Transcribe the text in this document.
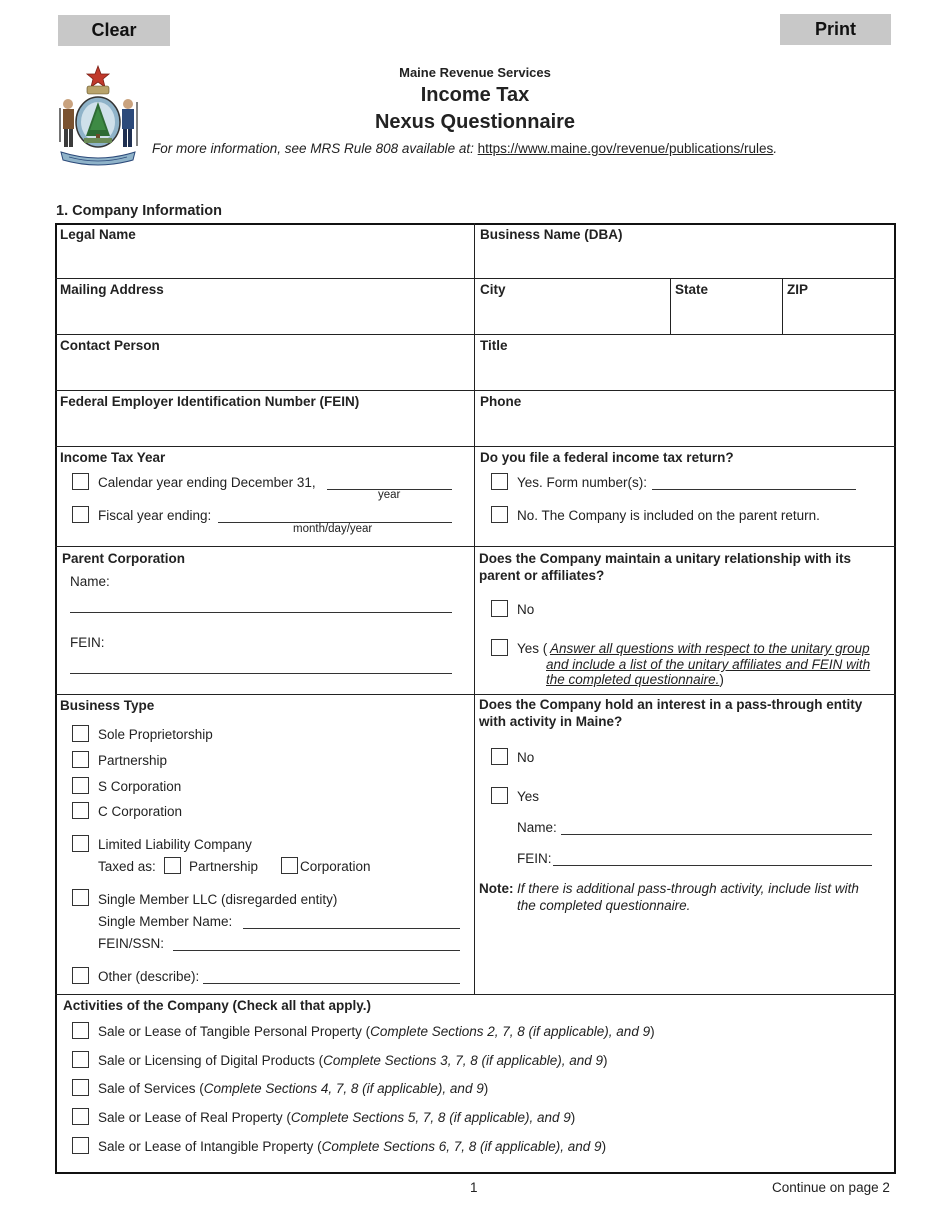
Clear	Print
Maine Revenue Services
Income Tax
Nexus Questionnaire
For more information, see MRS Rule 808 available at: https://www.maine.gov/revenue/publications/rules.
1. Company Information
Legal Name	Business Name (DBA)
Mailing Address	City	State	ZIP
Contact Person	Title
Federal Employer Identification Number (FEIN)	Phone
Income Tax Year
Calendar year ending December 31,
year
Fiscal year ending:
month/day/year
Do you file a federal income tax return?
Yes. Form number(s):
No. The Company is included on the parent return.
Parent Corporation
Name:
FEIN:
Does the Company maintain a unitary relationship with its
parent or affiliates?
No
Yes ( Answer all questions with respect to the unitary group
and include a list of the unitary affiliates and FEIN with
the completed questionnaire.)
Business Type
Sole Proprietorship
Partnership
S Corporation
C Corporation
Limited Liability Company
Taxed as: Partnership	Corporation
Single Member LLC (disregarded entity)
Single Member Name:
FEIN/SSN:
Other (describe):
Does the Company hold an interest in a pass-through entity
with activity in Maine?
No
Yes
Name:
FEIN:
Note: If there is additional pass-through activity, include list with
the completed questionnaire.
Activities of the Company (Check all that apply.)
Sale or Lease of Tangible Personal Property (Complete Sections 2, 7, 8 (if applicable), and 9)
Sale or Licensing of Digital Products (Complete Sections 3, 7, 8 (if applicable), and 9)
Sale of Services (Complete Sections 4, 7, 8 (if applicable), and 9)
Sale or Lease of Real Property (Complete Sections 5, 7, 8 (if applicable), and 9)
Sale or Lease of Intangible Property (Complete Sections 6, 7, 8 (if applicable), and 9)
1	Continue on page 2
